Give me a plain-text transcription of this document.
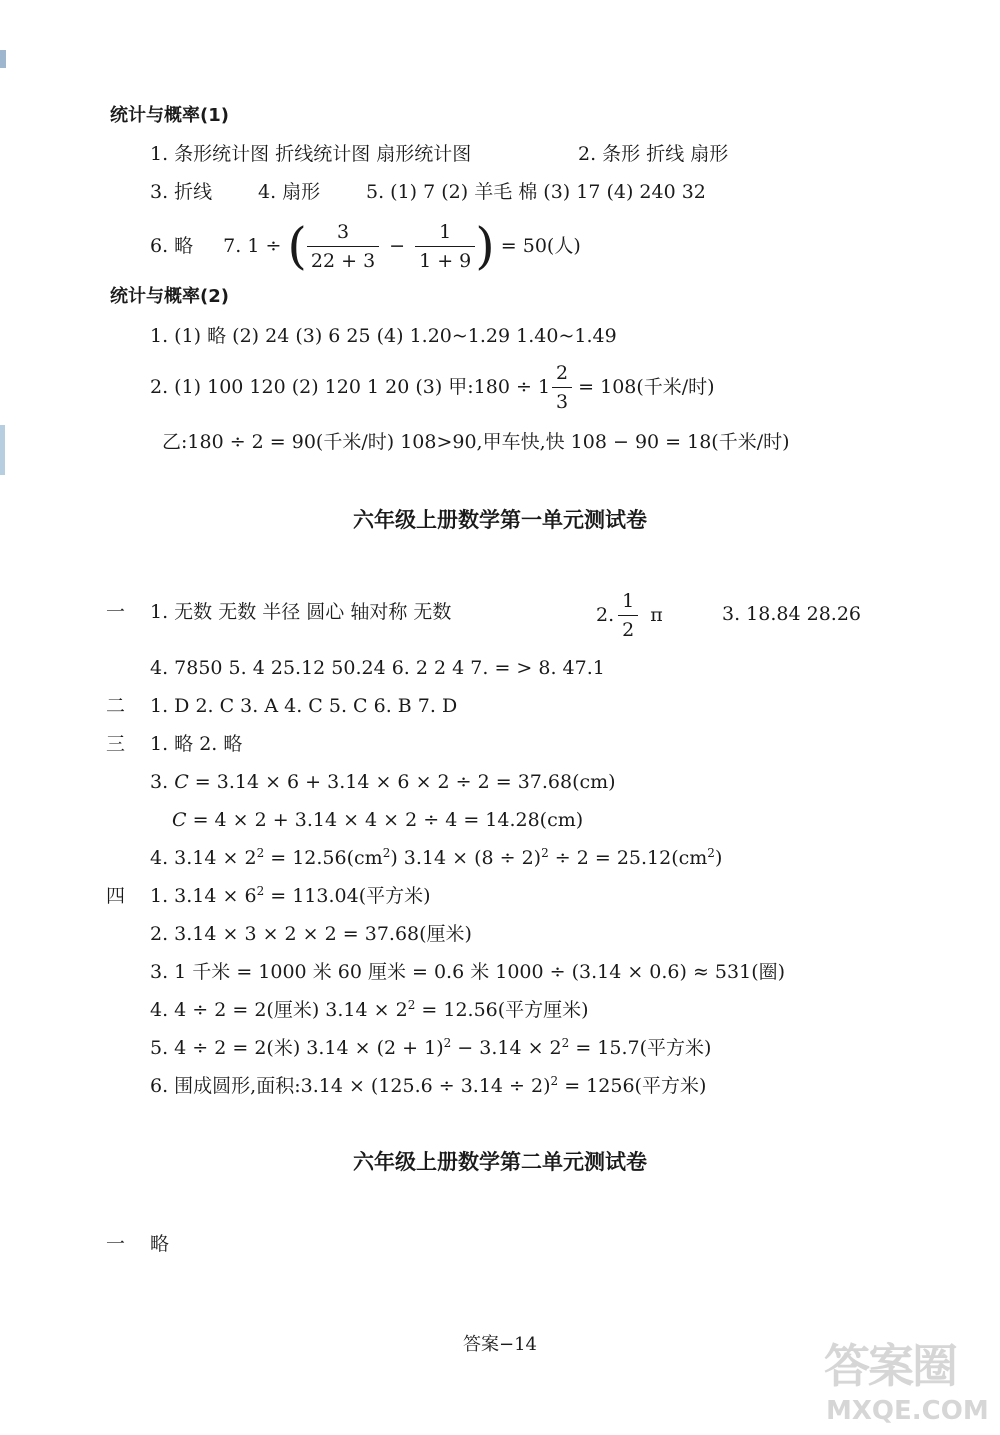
统计与概率(1)
1. 条形统计图 折线统计图 扇形统计图	2. 条形 折线 扇形
3. 折线 4. 扇形 5. (1) 7 (2) 羊毛 棉 (3) 17 (4) 240 32
6. 略 7. 1 ÷ ( $\frac{3}{22 + 3} - \frac{1}{1 + 9}$ ) = 50(人)
统计与概率(2)
1. (1) 略 (2) 24 (3) 6 25 (4) 1.20~1.29 1.40~1.49
2. (1) 100 120 (2) 120 1 20 (3) 甲:180 ÷ $1 \frac{2}{3} = 108$(千米/时)
乙:180 ÷ 2 = 90(千米/时) 108>90,甲车快,快 108 − 90 = 18(千米/时)
六年级上册数学第一单元测试卷
一 1. 无数 无数 半径 圆心 轴对称 无数	2. $\frac{1}{2}$ π	3. 18.84 28.26
4. 7850 5. 4 25.12 50.24 6. 2 2 4 7. = > 8. 47.1
二 1. D 2. C 3. A 4. C 5. C 6. B 7. D
三 1. 略 2. 略
3. C = 3.14 × 6 + 3.14 × 6 × 2 ÷ 2 = 37.68(cm)
C = 4 × 2 + 3.14 × 4 × 2 ÷ 4 = 14.28(cm)
4. $3.14 \times 2^2 = 12.56(cm^2) 3.14 \times (8 \div 2)^2 \div 2 = 25.12(cm^2)$
四 1. $3.14 \times 6^2 = 113.04$(平方米)
2. 3.14 × 3 × 2 × 2 = 37.68(厘米)
3. 1 千米 = 1000 米 60 厘米 = 0.6 米 1000 ÷ (3.14 × 0.6) ≈ 531(圈)
4. 4 ÷ 2 = 2(厘米) $3.14 \times 2^2 = 12.56$(平方厘米)
5. 4 ÷ 2 = 2(米) $3.14 \times (2 + 1)^2 - 3.14 \times 2^2 = 15.7$(平方米)
6. 围成圆形,面积:3.14 × $(125.6 \div 3.14 \div 2)^2 = 1256$(平方米)
六年级上册数学第二单元测试卷
一 略
答案−14	答案圈
MXQE.COM
